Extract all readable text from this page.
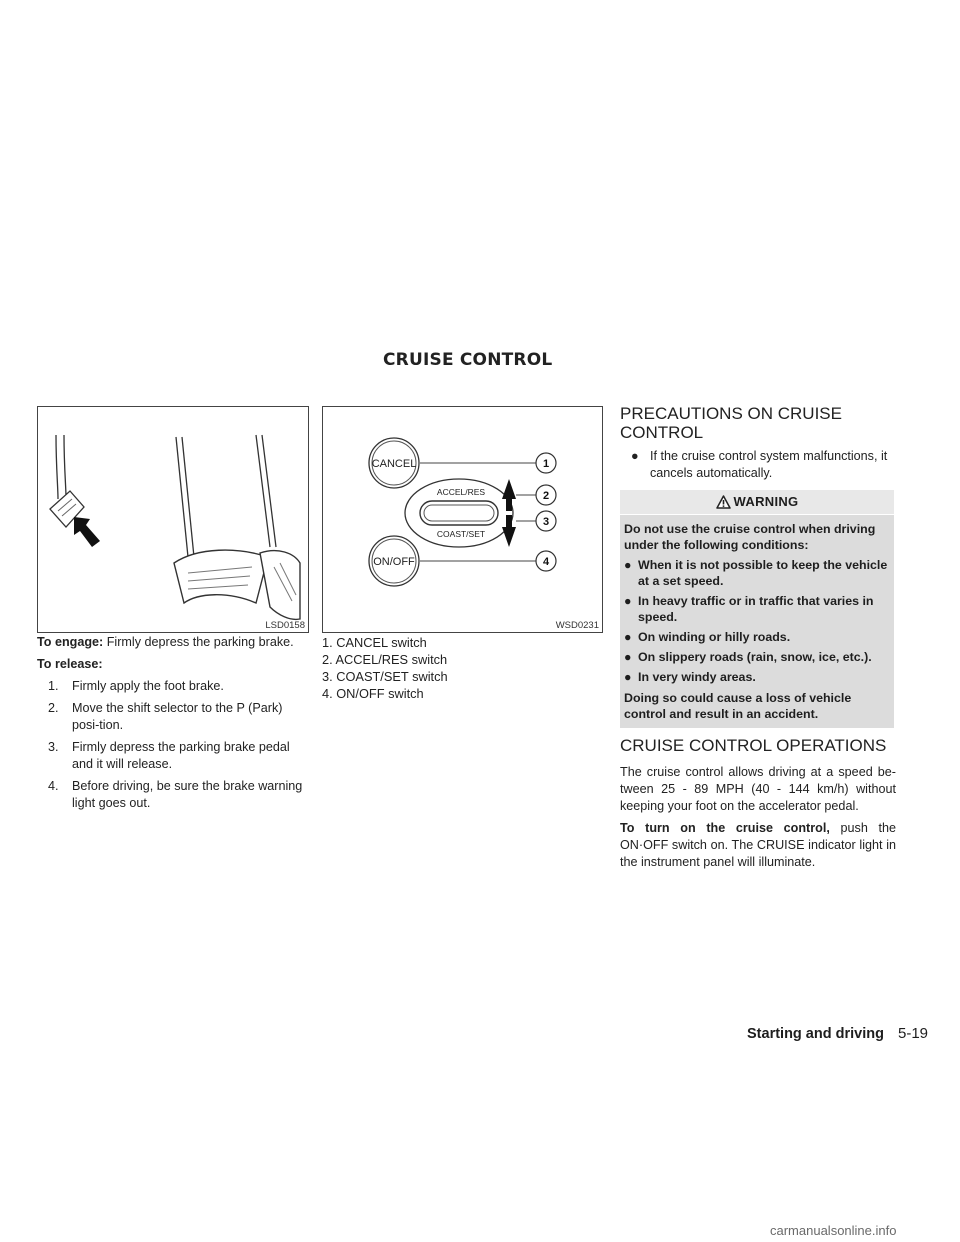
CRUISE CONTROL
LSD0158
CANCEL
ON/OFF
ACCEL/RES
COAST/SET
1
2
3
4
WSD0231

To engage: Firmly depress the parking brake.

To release:

1. Firmly apply the foot brake.
2. Move the shift selector to the P (Park) posi-tion.
3. Firmly depress the parking brake pedal and it will release.
4. Before driving, be sure the brake warning light goes out.

1. CANCEL switch

2. ACCEL/RES switch

3. COAST/SET switch

4. ON/OFF switch

PRECAUTIONS ON CRUISE CONTROL
● If the cruise control system malfunctions, it cancels automatically.
WARNING

Do not use the cruise control when driving under the following conditions:

● When it is not possible to keep the vehicle at a set speed.
● In heavy traffic or in traffic that varies in speed.
● On winding or hilly roads.
● On slippery roads (rain, snow, ice, etc.).
● In very windy areas.

Doing so could cause a loss of vehicle control and result in an accident.

CRUISE CONTROL OPERATIONS

The cruise control allows driving at a speed be-tween 25 - 89 MPH (40 - 144 km/h) without keeping your foot on the accelerator pedal.

To turn on the cruise control, push the ON·OFF switch on. The CRUISE indicator light in the instrument panel will illuminate.

Starting and driving 5-19
carmanualsonline.info
